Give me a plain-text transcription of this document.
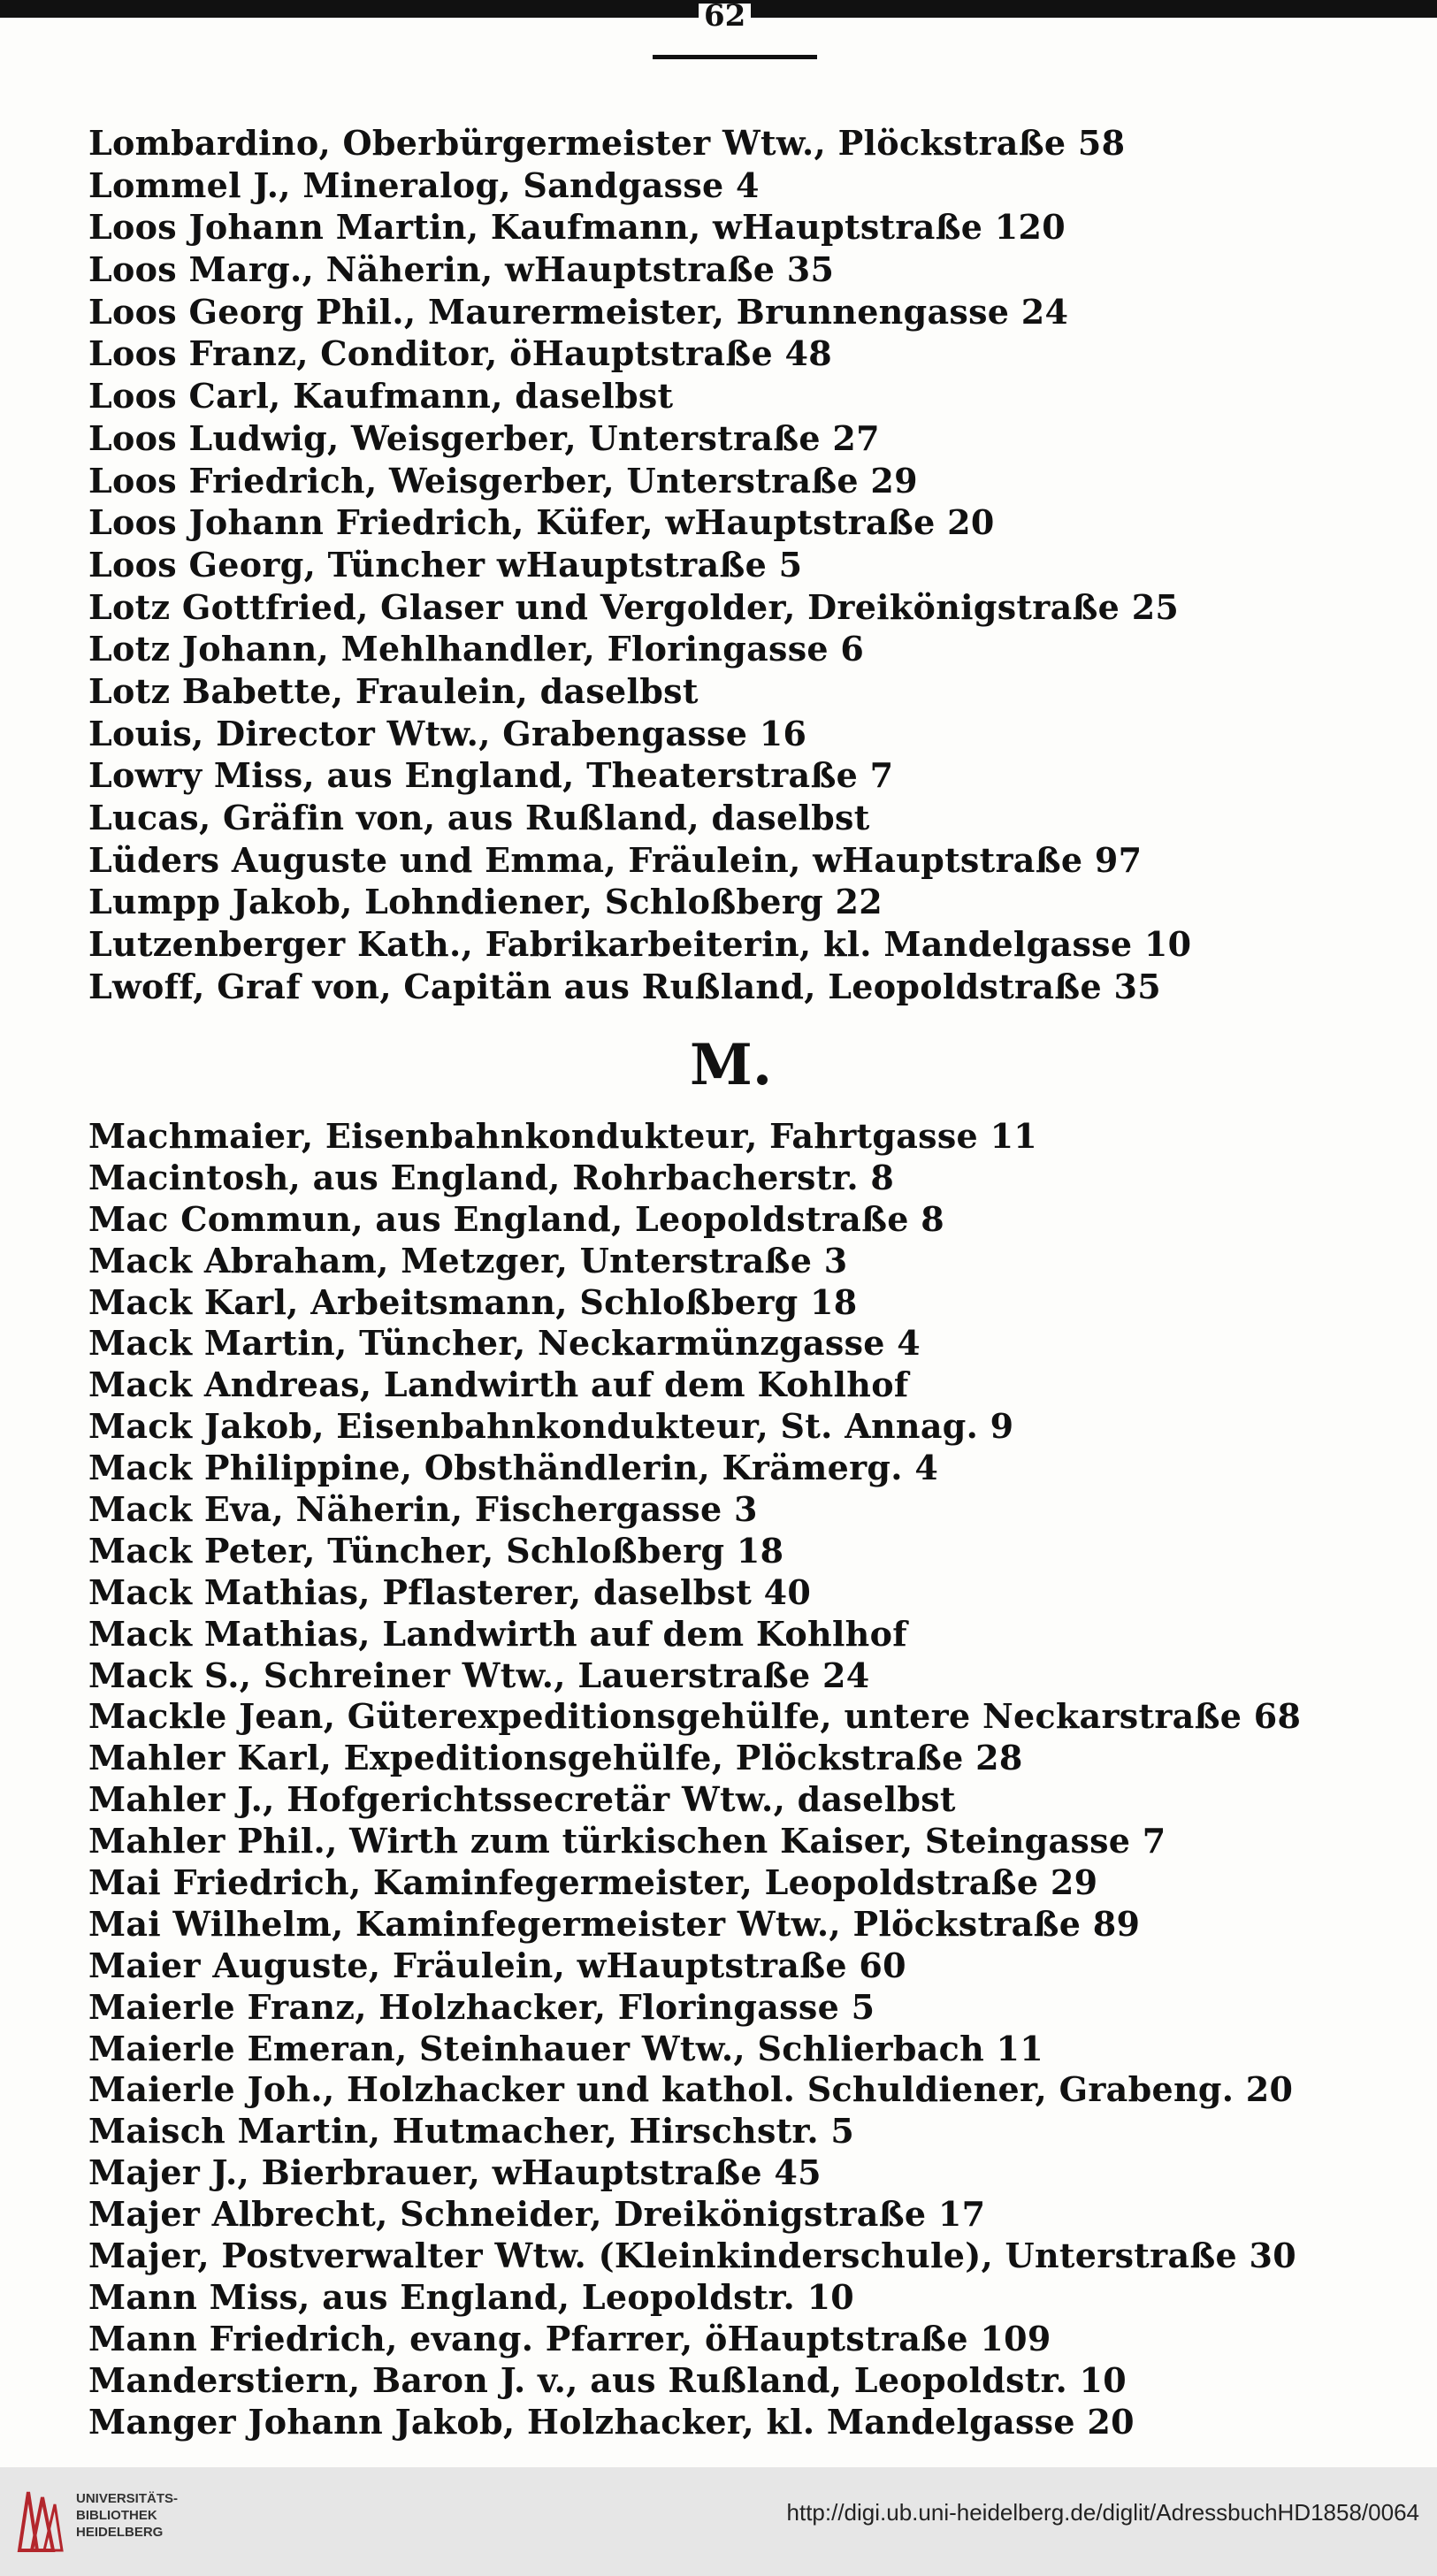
62
Lombardino, Oberbürgermeister Wtw., Plöckstraße 58
Lommel J., Mineralog, Sandgasse 4
Loos Johann Martin, Kaufmann, wHauptstraße 120
Loos Marg., Näherin, wHauptstraße 35
Loos Georg Phil., Maurermeister, Brunnengasse 24
Loos Franz, Conditor, öHauptstraße 48
Loos Carl, Kaufmann, daselbst
Loos Ludwig, Weisgerber, Unterstraße 27
Loos Friedrich, Weisgerber, Unterstraße 29
Loos Johann Friedrich, Küfer, wHauptstraße 20
Loos Georg, Tüncher wHauptstraße 5
Lotz Gottfried, Glaser und Vergolder, Dreikönigstraße 25
Lotz Johann, Mehlhandler, Floringasse 6
Lotz Babette, Fraulein, daselbst
Louis, Director Wtw., Grabengasse 16
Lowry Miss, aus England, Theaterstraße 7
Lucas, Gräfin von, aus Rußland, daselbst
Lüders Auguste und Emma, Fräulein, wHauptstraße 97
Lumpp Jakob, Lohndiener, Schloßberg 22
Lutzenberger Kath., Fabrikarbeiterin, kl. Mandelgasse 10
Lwoff, Graf von, Capitän aus Rußland, Leopoldstraße 35
M.
Machmaier, Eisenbahnkondukteur, Fahrtgasse 11
Macintosh, aus England, Rohrbacherstr. 8
Mac Commun, aus England, Leopoldstraße 8
Mack Abraham, Metzger, Unterstraße 3
Mack Karl, Arbeitsmann, Schloßberg 18
Mack Martin, Tüncher, Neckarmünzgasse 4
Mack Andreas, Landwirth auf dem Kohlhof
Mack Jakob, Eisenbahnkondukteur, St. Annag. 9
Mack Philippine, Obsthändlerin, Krämerg. 4
Mack Eva, Näherin, Fischergasse 3
Mack Peter, Tüncher, Schloßberg 18
Mack Mathias, Pflasterer, daselbst 40
Mack Mathias, Landwirth auf dem Kohlhof
Mack S., Schreiner Wtw., Lauerstraße 24
Mackle Jean, Güterexpeditionsgehülfe, untere Neckarstraße 68
Mahler Karl, Expeditionsgehülfe, Plöckstraße 28
Mahler J., Hofgerichtssecretär Wtw., daselbst
Mahler Phil., Wirth zum türkischen Kaiser, Steingasse 7
Mai Friedrich, Kaminfegermeister, Leopoldstraße 29
Mai Wilhelm, Kaminfegermeister Wtw., Plöckstraße 89
Maier Auguste, Fräulein, wHauptstraße 60
Maierle Franz, Holzhacker, Floringasse 5
Maierle Emeran, Steinhauer Wtw., Schlierbach 11
Maierle Joh., Holzhacker und kathol. Schuldiener, Grabeng. 20
Maisch Martin, Hutmacher, Hirschstr. 5
Majer J., Bierbrauer, wHauptstraße 45
Majer Albrecht, Schneider, Dreikönigstraße 17
Majer, Postverwalter Wtw. (Kleinkinderschule), Unterstraße 30
Mann Miss, aus England, Leopoldstr. 10
Mann Friedrich, evang. Pfarrer, öHauptstraße 109
Manderstiern, Baron J. v., aus Rußland, Leopoldstr. 10
Manger Johann Jakob, Holzhacker, kl. Mandelgasse 20
UNIVERSITÄTS-
BIBLIOTHEK
HEIDELBERG
http://digi.ub.uni-heidelberg.de/diglit/AdressbuchHD1858/0064
